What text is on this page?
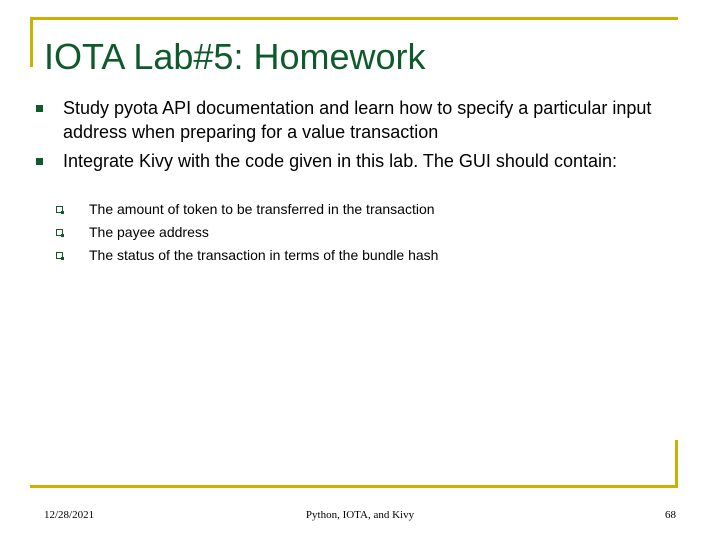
IOTA Lab#5: Homework
Study pyota API documentation and learn how to specify a particular input address when preparing for a value transaction
Integrate Kivy with the code given in this lab. The GUI should contain:
The amount of token to be transferred in the transaction
The payee address
The status of the transaction in terms of the bundle hash
12/28/2021	Python, IOTA, and Kivy	68
